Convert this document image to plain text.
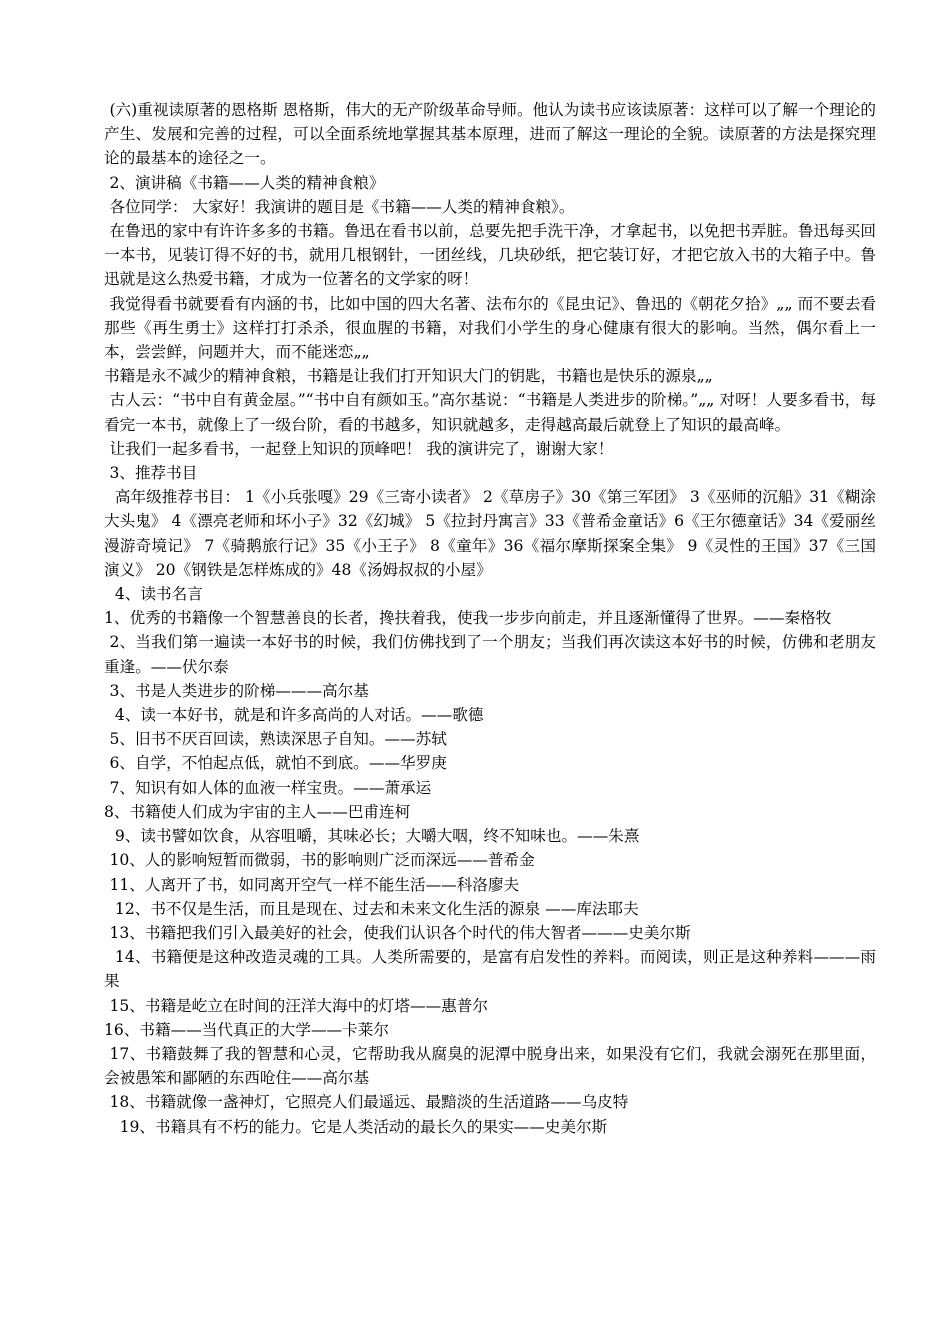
(六)重视读原著的恩格斯 恩格斯，伟大的无产阶级革命导师。他认为读书应该读原著：这样可以了解一个理论的产生、发展和完善的过程，可以全面系统地掌握其基本原理，进而了解这一理论的全貌。读原著的方法是探究理论的最基本的途径之一。

2、演讲稿《书籍——人类的精神食粮》

各位同学： 大家好！我演讲的题目是《书籍——人类的精神食粮》。

在鲁迅的家中有许许多多的书籍。鲁迅在看书以前，总要先把手洗干净，才拿起书，以免把书弄脏。鲁迅每买回一本书，见装订得不好的书，就用几根钢针，一团丝线，几块砂纸，把它装订好，才把它放入书的大箱子中。鲁迅就是这么热爱书籍，才成为一位著名的文学家的呀！

我觉得看书就要看有内涵的书，比如中国的四大名著、法布尔的《昆虫记》、鲁迅的《朝花夕拾》„„ 而不要去看那些《再生勇士》这样打打杀杀，很血腥的书籍，对我们小学生的身心健康有很大的影响。当然，偶尔看上一本，尝尝鲜，问题并大，而不能迷恋„„

书籍是永不减少的精神食粮，书籍是让我们打开知识大门的钥匙，书籍也是快乐的源泉„„

古人云：“书中自有黄金屋。”“书中自有颜如玉。”高尔基说：“书籍是人类进步的阶梯。”„„ 对呀！人要多看书，每看完一本书，就像上了一级台阶，看的书越多，知识就越多，走得越高最后就登上了知识的最高峰。

让我们一起多看书，一起登上知识的顶峰吧！ 我的演讲完了，谢谢大家！

3、推荐书目

高年级推荐书目： 1《小兵张嘎》29《三寄小读者》 2《草房子》30《第三军团》 3《巫师的沉船》31《糊涂大头鬼》 4《漂亮老师和坏小子》32《幻城》 5《拉封丹寓言》33《普希金童话》6《王尔德童话》34《爱丽丝漫游奇境记》 7《骑鹅旅行记》35《小王子》 8《童年》36《福尔摩斯探案全集》 9《灵性的王国》37《三国演义》 20《钢铁是怎样炼成的》48《汤姆叔叔的小屋》

4、读书名言

1、优秀的书籍像一个智慧善良的长者，搀扶着我，使我一步步向前走，并且逐渐懂得了世界。——秦格牧

2、当我们第一遍读一本好书的时候，我们仿佛找到了一个朋友；当我们再次读这本好书的时候，仿佛和老朋友重逢。——伏尔泰

3、书是人类进步的阶梯———高尔基

4、读一本好书，就是和许多高尚的人对话。——歌德

5、旧书不厌百回读，熟读深思子自知。——苏轼

6、自学，不怕起点低，就怕不到底。——华罗庚

7、知识有如人体的血液一样宝贵。——萧承运

8、书籍使人们成为宇宙的主人——巴甫连柯

9、读书譬如饮食，从容咀嚼，其味必长；大嚼大咽，终不知味也。——朱熹

10、人的影响短暂而微弱，书的影响则广泛而深远——普希金

11、人离开了书，如同离开空气一样不能生活——科洛廖夫

12、书不仅是生活，而且是现在、过去和未来文化生活的源泉 ——库法耶夫

13、书籍把我们引入最美好的社会，使我们认识各个时代的伟大智者———史美尔斯

14、书籍便是这种改造灵魂的工具。人类所需要的，是富有启发性的养料。而阅读，则正是这种养料———雨果

15、书籍是屹立在时间的汪洋大海中的灯塔——惠普尔

16、书籍——当代真正的大学——卡莱尔

17、书籍鼓舞了我的智慧和心灵，它帮助我从腐臭的泥潭中脱身出来，如果没有它们，我就会溺死在那里面，会被愚笨和鄙陋的东西呛住——高尔基

18、书籍就像一盏神灯，它照亮人们最遥远、最黯淡的生活道路——乌皮特

19、书籍具有不朽的能力。它是人类活动的最长久的果实——史美尔斯
